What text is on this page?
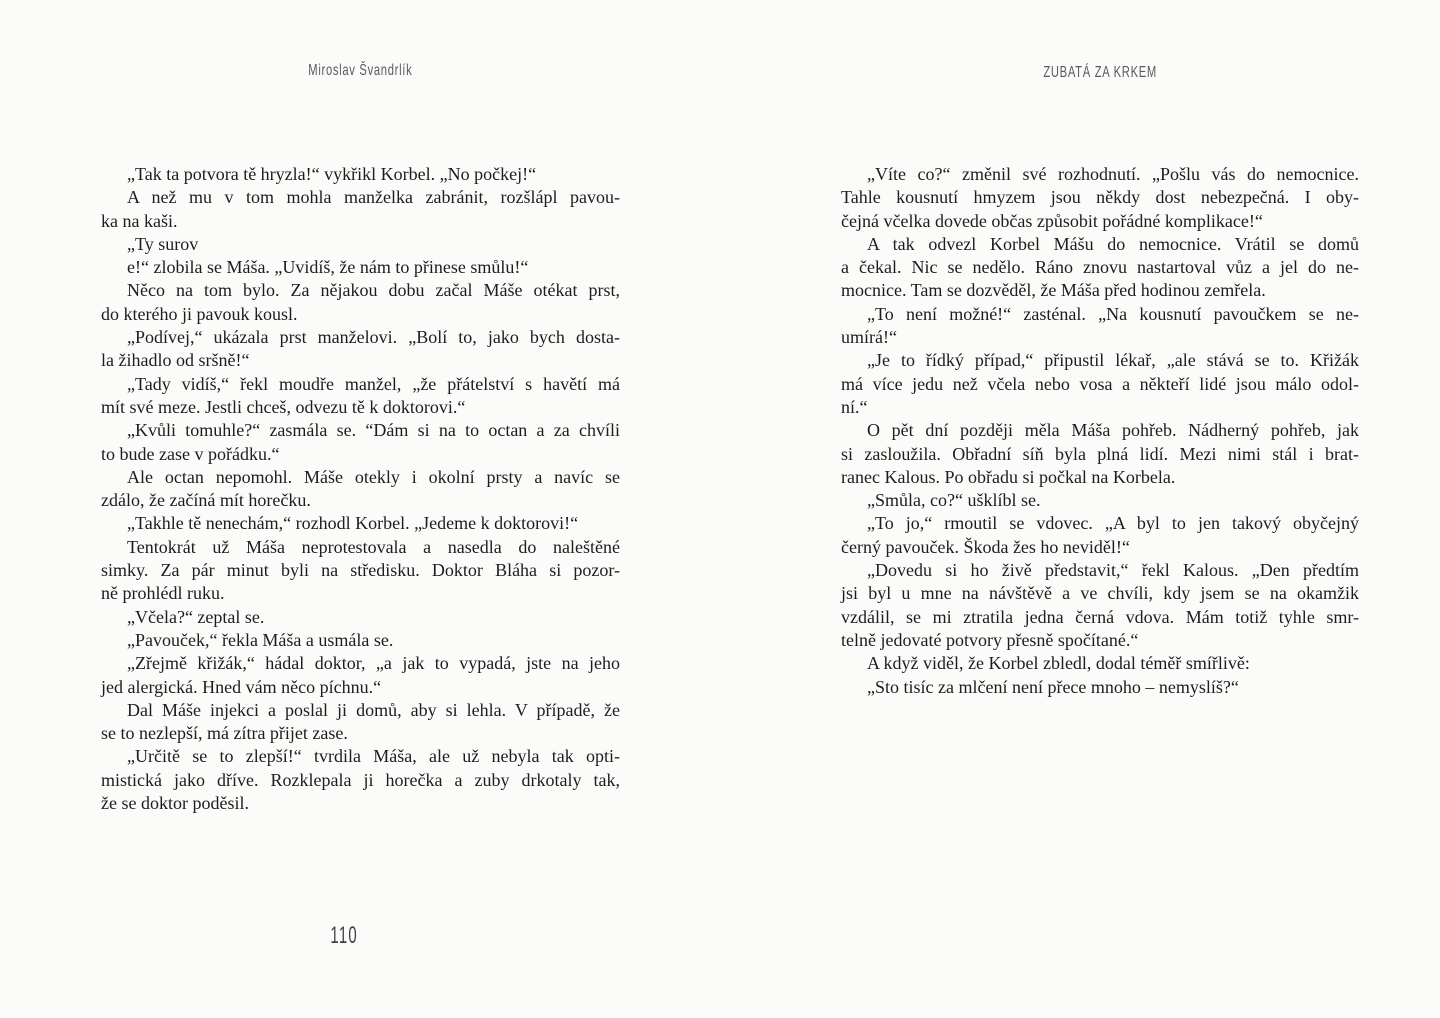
Miroslav Švandrlík	ZUBATÁ ZA KRKEM
„Tak ta potvora tě hryzla!“ vykřikl Korbel. „No počkej!“
A než mu v tom mohla manželka zabránit, rozšlápl pavou-
ka na kaši.
„Ty surov
e!“ zlobila se Máša. „Uvidíš, že nám to přinese smůlu!“
Něco na tom bylo. Za nějakou dobu začal Máše otékat prst,
do kterého ji pavouk kousl.
„Podívej,“ ukázala prst manželovi. „Bolí to, jako bych dosta-
la žihadlo od sršně!“
„Tady vidíš,“ řekl moudře manžel, „že přátelství s havětí má
mít své meze. Jestli chceš, odvezu tě k doktorovi.“
„Kvůli tomuhle?“ zasmála se. “Dám si na to octan a za chvíli
to bude zase v pořádku.“
Ale octan nepomohl. Máše otekly i okolní prsty a navíc se
zdálo, že začíná mít horečku.
„Takhle tě nenechám,“ rozhodl Korbel. „Jedeme k doktorovi!“
Tentokrát už Máša neprotestovala a nasedla do naleštěné
simky. Za pár minut byli na středisku. Doktor Bláha si pozor-
ně prohlédl ruku.
„Včela?“ zeptal se.
„Pavouček,“ řekla Máša a usmála se.
„Zřejmě křižák,“ hádal doktor, „a jak to vypadá, jste na jeho
jed alergická. Hned vám něco píchnu.“
Dal Máše injekci a poslal ji domů, aby si lehla. V případě, že
se to nezlepší, má zítra přijet zase.
„Určitě se to zlepší!“ tvrdila Máša, ale už nebyla tak opti-
mistická jako dříve. Rozklepala ji horečka a zuby drkotaly tak,
že se doktor poděsil.
„Víte co?“ změnil své rozhodnutí. „Pošlu vás do nemocnice.
Tahle kousnutí hmyzem jsou někdy dost nebezpečná. I oby-
čejná včelka dovede občas způsobit pořádné komplikace!“
A tak odvezl Korbel Mášu do nemocnice. Vrátil se domů
a čekal. Nic se nedělo. Ráno znovu nastartoval vůz a jel do ne-
mocnice. Tam se dozvěděl, že Máša před hodinou zemřela.
„To není možné!“ zasténal. „Na kousnutí pavoučkem se ne-
umírá!“
„Je to řídký případ,“ připustil lékař, „ale stává se to. Křižák
má více jedu než včela nebo vosa a někteří lidé jsou málo odol-
ní.“
O pět dní později měla Máša pohřeb. Nádherný pohřeb, jak
si zasloužila. Obřadní síň byla plná lidí. Mezi nimi stál i brat-
ranec Kalous. Po obřadu si počkal na Korbela.
„Smůla, co?“ ušklíbl se.
„To jo,“ rmoutil se vdovec. „A byl to jen takový obyčejný
černý pavouček. Škoda žes ho neviděl!“
„Dovedu si ho živě představit,“ řekl Kalous. „Den předtím
jsi byl u mne na návštěvě a ve chvíli, kdy jsem se na okamžik
vzdálil, se mi ztratila jedna černá vdova. Mám totiž tyhle smr-
telně jedovaté potvory přesně spočítané.“
A když viděl, že Korbel zbledl, dodal téměř smířlivě:
„Sto tisíc za mlčení není přece mnoho – nemyslíš?“
110
